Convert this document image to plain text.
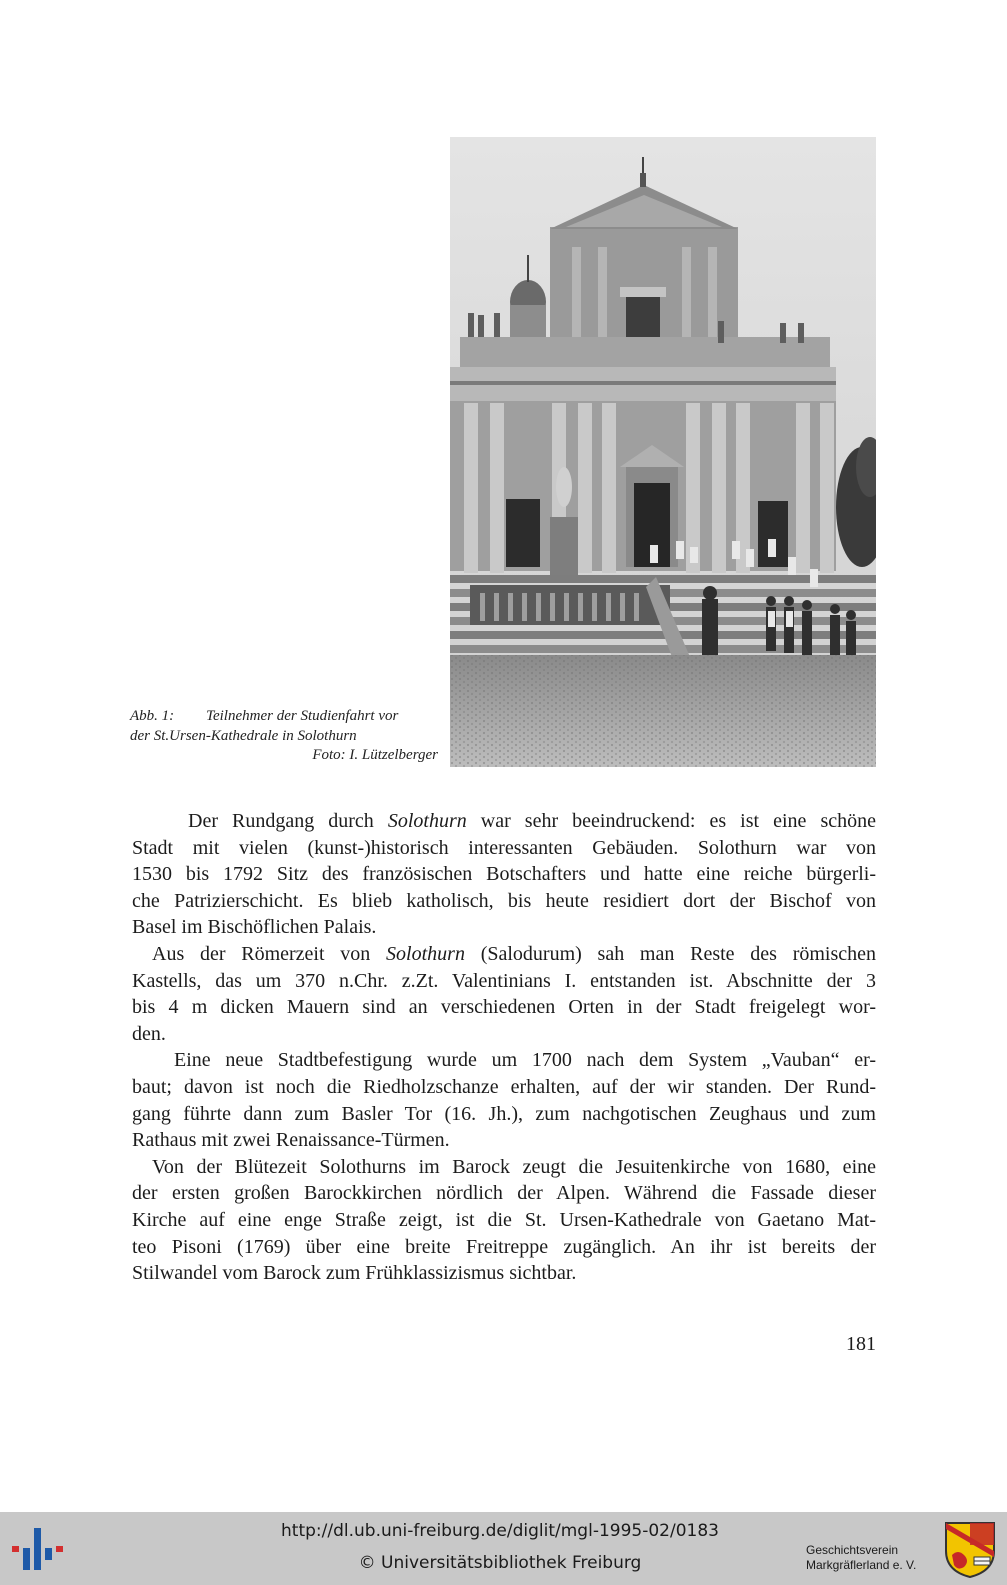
Abb. 1: Teilnehmer der Studienfahrt vor
der St.Ursen-Kathedrale in Solothurn
Foto: I. Lützelberger

Der Rundgang durch Solothurn war sehr beeindruckend: es ist eine schöne
Stadt mit vielen (kunst-)historisch interessanten Gebäuden. Solothurn war von
1530 bis 1792 Sitz des französischen Botschafters und hatte eine reiche bürgerli-
che Patrizierschicht. Es blieb katholisch, bis heute residiert dort der Bischof von
Basel im Bischöflichen Palais.

Aus der Römerzeit von Solothurn (Salodurum) sah man Reste des römischen
Kastells, das um 370 n.Chr. z.Zt. Valentinians I. entstanden ist. Abschnitte der 3
bis 4 m dicken Mauern sind an verschiedenen Orten in der Stadt freigelegt wor-
den.

Eine neue Stadtbefestigung wurde um 1700 nach dem System „Vauban“ er-
baut; davon ist noch die Riedholzschanze erhalten, auf der wir standen. Der Rund-
gang führte dann zum Basler Tor (16. Jh.), zum nachgotischen Zeughaus und zum
Rathaus mit zwei Renaissance-Türmen.

Von der Blütezeit Solothurns im Barock zeugt die Jesuitenkirche von 1680, eine
der ersten großen Barockkirchen nördlich der Alpen. Während die Fassade dieser
Kirche auf eine enge Straße zeigt, ist die St. Ursen-Kathedrale von Gaetano Mat-
teo Pisoni (1769) über eine breite Freitreppe zugänglich. An ihr ist bereits der
Stilwandel vom Barock zum Frühklassizismus sichtbar.

181
http://dl.ub.uni-freiburg.de/diglit/mgl-1995-02/0183
© Universitätsbibliothek Freiburg
Geschichtsverein
Markgräflerland e. V.
